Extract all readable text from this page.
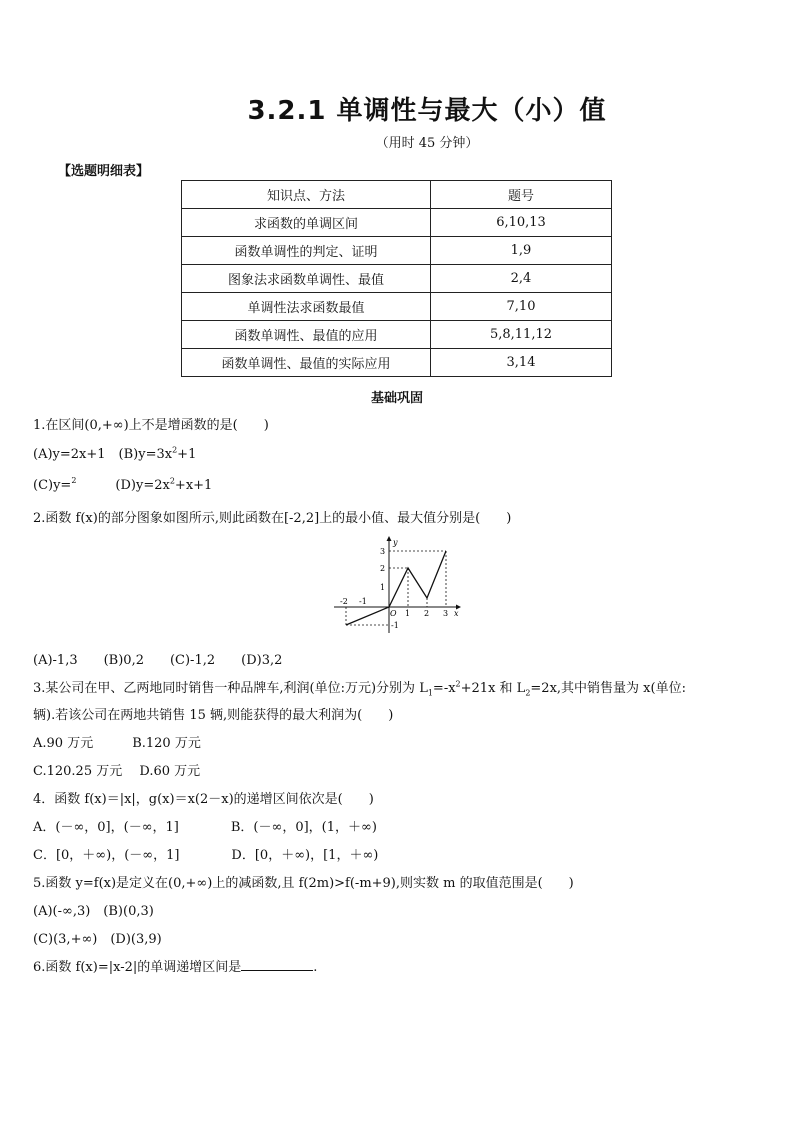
3.2.1 单调性与最大（小）值
（用时 45 分钟）
【选题明细表】
知识点、方法	题号
求函数的单调区间	6,10,13
函数单调性的判定、证明	1,9
图象法求函数单调性、最值	2,4
单调性法求函数最值	7,10
函数单调性、最值的应用	5,8,11,12
函数单调性、最值的实际应用	3,14
基础巩固
1.在区间(0,+∞)上不是增函数的是(　　)
(A)y=2x+1　$(B)y=3x^2+1$
(C)y=2　　　$(D)y=2x^2+x+1$
2.函数 f(x)的部分图象如图所示,则此函数在[-2,2]上的最小值、最大值分别是(　　)
y
x
O
-2 -1
1 2 3
3
2
1
-1
(A)-1,3　　(B)0,2　　(C)-1,2　　(D)3,2
3.某公司在甲、乙两地同时销售一种品牌车,利润(单位:万元)分别为 $L_1=-x^2+21x$ 和 $L_2=2x$,其中销售量为 x(单位:
辆).若该公司在两地共销售 15 辆,则能获得的最大利润为(　　)
A.90 万元　　　B.120 万元
C.120.25 万元　 D.60 万元
4．函数 f(x)＝|x|，g(x)＝x(2－x)的递增区间依次是(　　)
A．(－∞，0]，(－∞，1]　　　　B．(－∞，0]，(1，＋∞)
C．[0，＋∞)，(－∞，1]　　　　D．[0，＋∞)，[1，＋∞)
5.函数 y=f(x)是定义在(0,+∞)上的减函数,且 f(2m)>f(-m+9),则实数 m 的取值范围是(　　)
(A)(-∞,3)　(B)(0,3)
(C)(3,+∞)　(D)(3,9)
6.函数 f(x)=|x-2|的单调递增区间是	.
